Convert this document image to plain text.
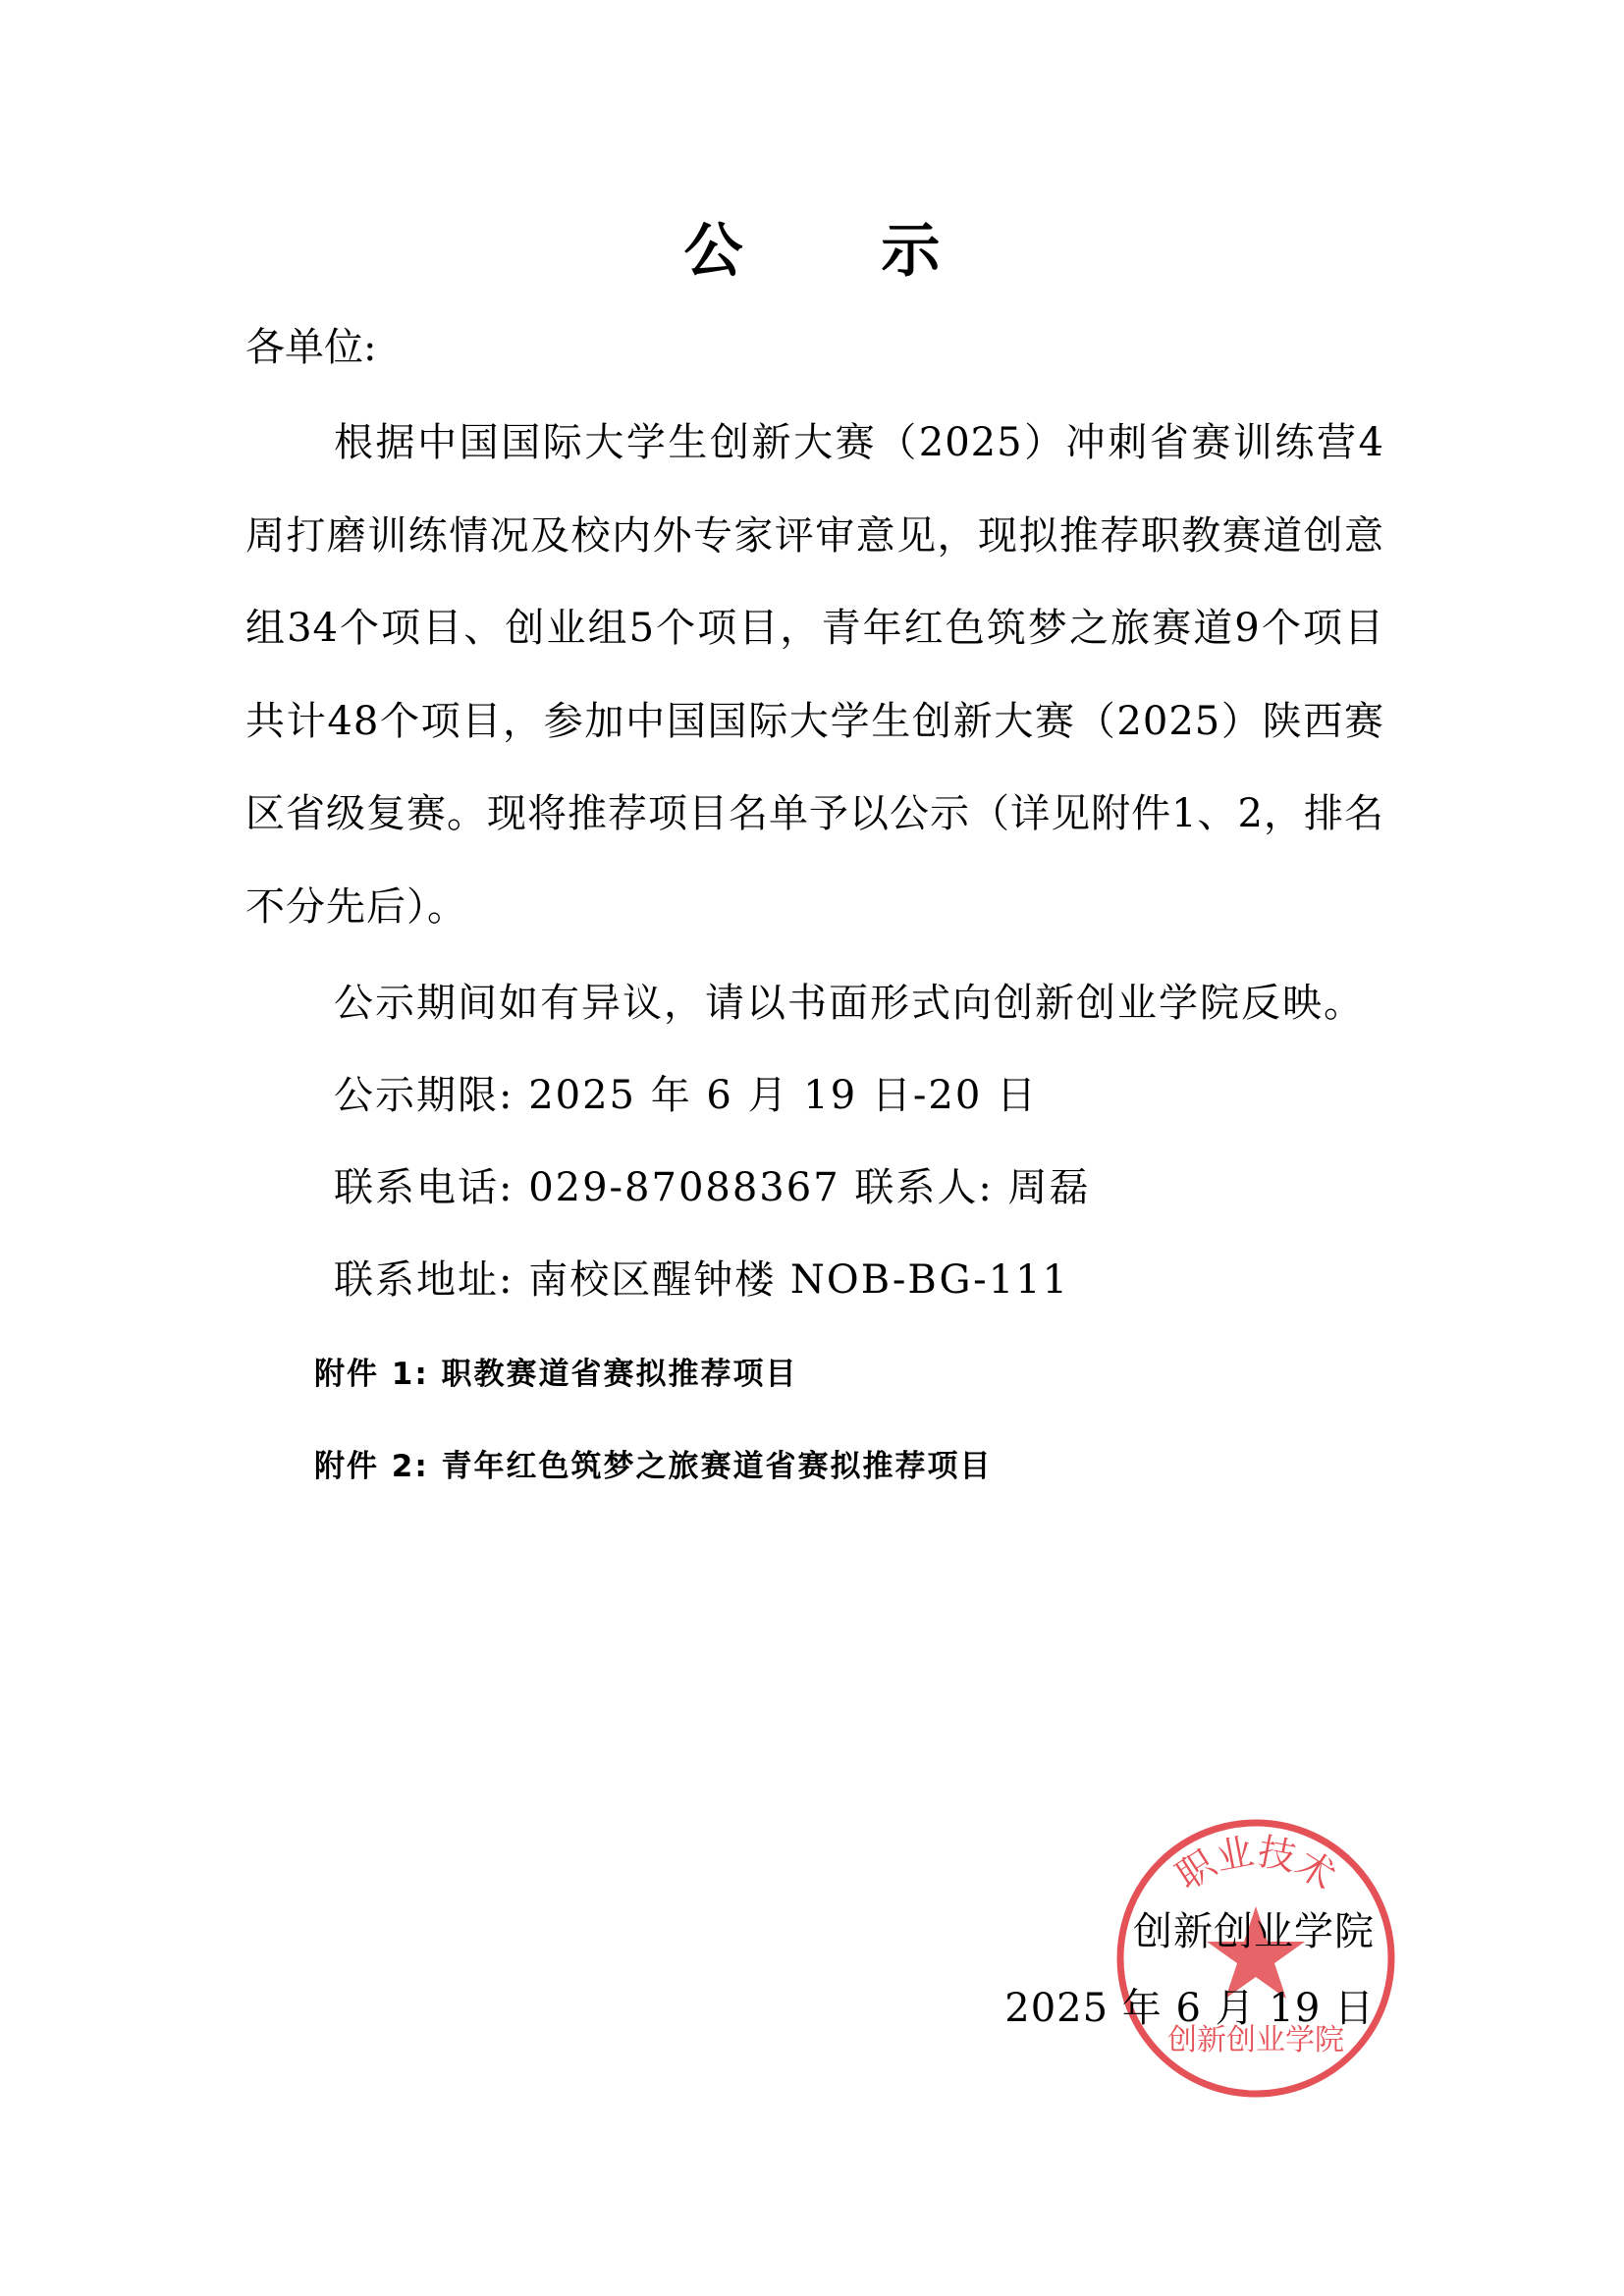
公 示
各单位:
根据中国国际大学生创新大赛（2025）冲刺省赛训练营4周打磨训练情况及校内外专家评审意见，现拟推荐职教赛道创意组34个项目、创业组5个项目，青年红色筑梦之旅赛道9个项目共计48个项目，参加中国国际大学生创新大赛（2025）陕西赛区省级复赛。现将推荐项目名单予以公示（详见附件1、2，排名不分先后）。
公示期间如有异议，请以书面形式向创新创业学院反映。
公示期限: 2025 年 6 月 19 日-20 日
联系电话: 029-87088367 联系人: 周磊
联系地址: 南校区醒钟楼 NOB-BG-111
附件 1: 职教赛道省赛拟推荐项目
附件 2: 青年红色筑梦之旅赛道省赛拟推荐项目
职业技术
创新创业学院
创新创业学院
2025 年 6 月 19 日
